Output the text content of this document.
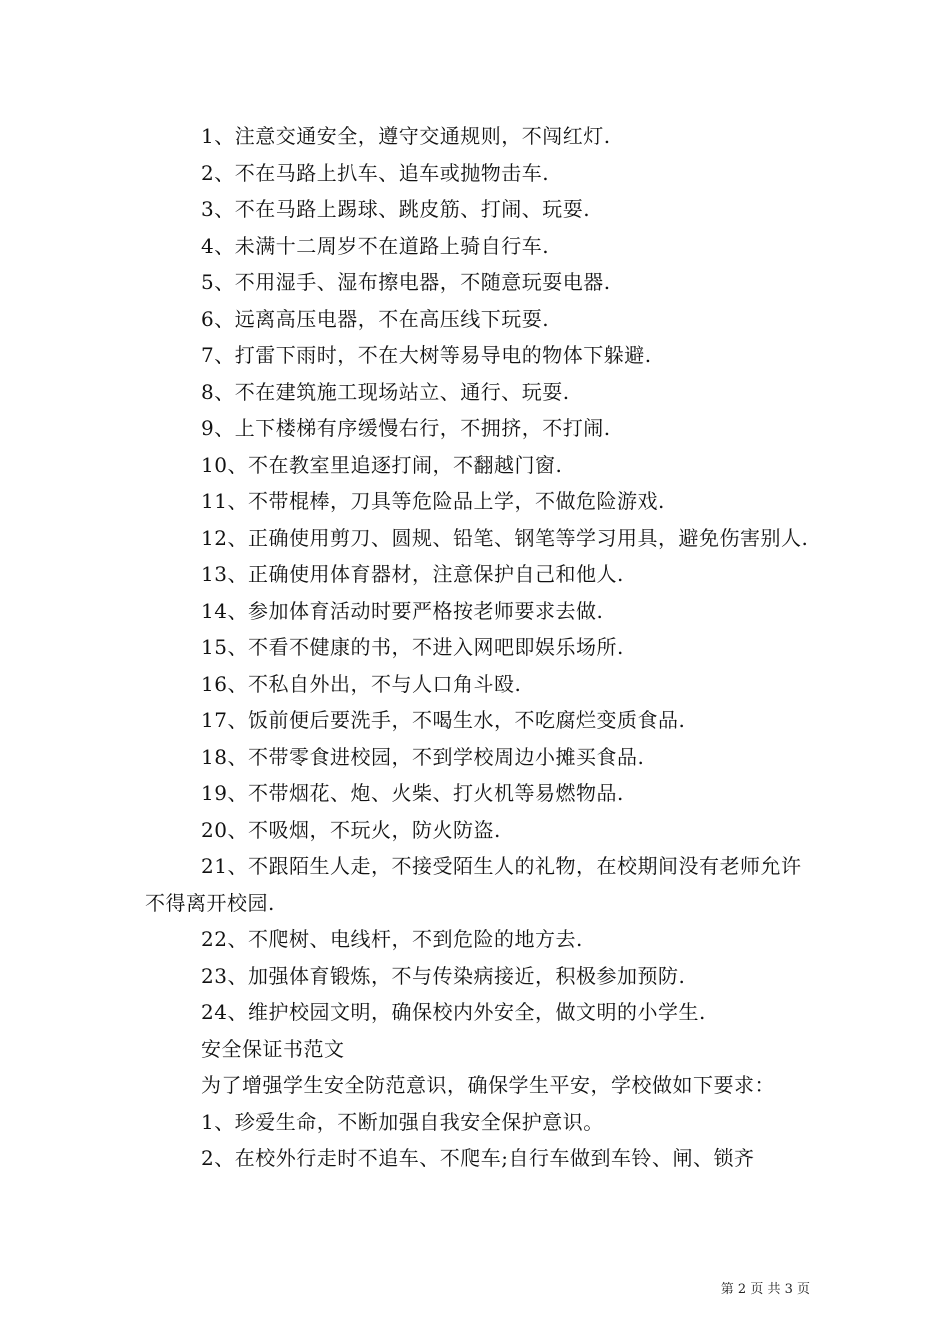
1、注意交通安全，遵守交通规则，不闯红灯.

2、不在马路上扒车、追车或抛物击车.

3、不在马路上踢球、跳皮筋、打闹、玩耍.

4、未满十二周岁不在道路上骑自行车.

5、不用湿手、湿布擦电器，不随意玩耍电器.

6、远离高压电器，不在高压线下玩耍.

7、打雷下雨时，不在大树等易导电的物体下躲避.

8、不在建筑施工现场站立、通行、玩耍.

9、上下楼梯有序缓慢右行，不拥挤，不打闹.

10、不在教室里追逐打闹，不翻越门窗.

11、不带棍棒，刀具等危险品上学，不做危险游戏.

12、正确使用剪刀、圆规、铅笔、钢笔等学习用具，避免伤害别人.

13、正确使用体育器材，注意保护自己和他人.

14、参加体育活动时要严格按老师要求去做.

15、不看不健康的书，不进入网吧即娱乐场所.

16、不私自外出，不与人口角斗殴.

17、饭前便后要洗手，不喝生水，不吃腐烂变质食品.

18、不带零食进校园，不到学校周边小摊买食品.

19、不带烟花、炮、火柴、打火机等易燃物品.

20、不吸烟，不玩火，防火防盗.

21、不跟陌生人走，不接受陌生人的礼物，在校期间没有老师允许不得离开校园.

22、不爬树、电线杆，不到危险的地方去.

23、加强体育锻炼，不与传染病接近，积极参加预防.

24、维护校园文明，确保校内外安全，做文明的小学生.

安全保证书范文

为了增强学生安全防范意识，确保学生平安，学校做如下要求：

1、珍爱生命，不断加强自我安全保护意识。

2、在校外行走时不追车、不爬车;自行车做到车铃、闸、锁齐

第 2 页 共 3 页
